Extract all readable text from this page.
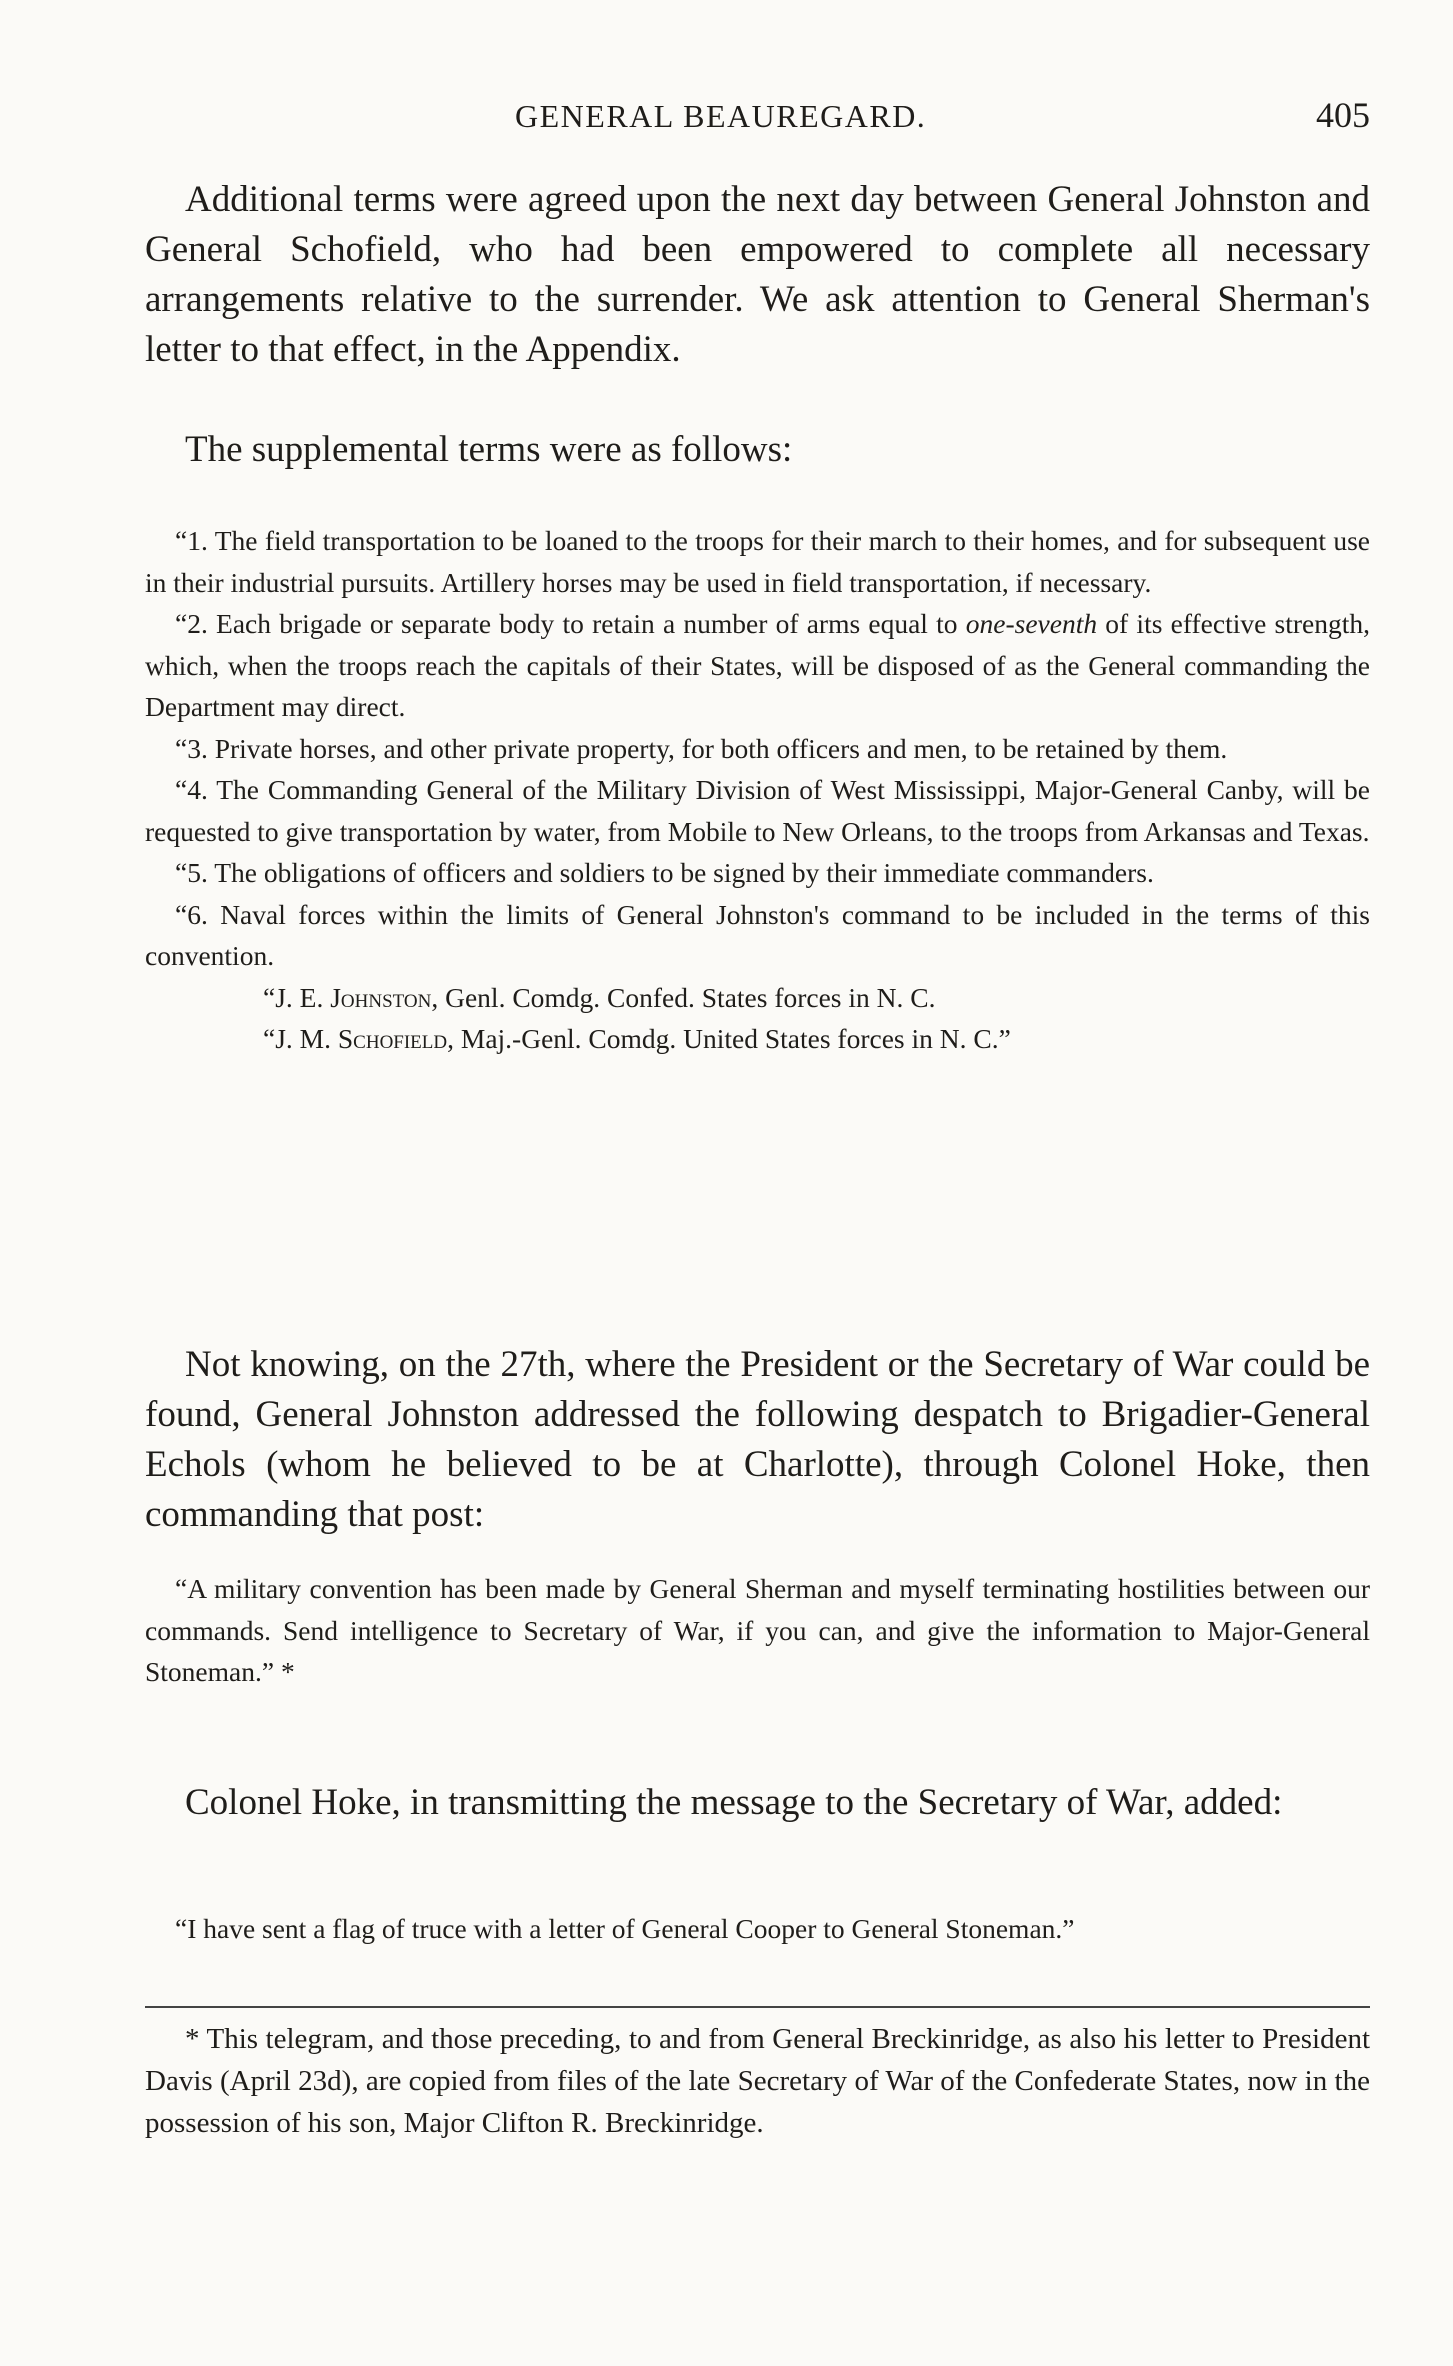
GENERAL BEAUREGARD.	405

Additional terms were agreed upon the next day between General Johnston and General Schofield, who had been empowered to complete all necessary arrangements relative to the surrender. We ask attention to General Sherman's letter to that effect, in the Appendix.

The supplemental terms were as follows:

“1. The field transportation to be loaned to the troops for their march to their homes, and for subsequent use in their industrial pursuits. Artillery horses may be used in field transportation, if necessary.

“2. Each brigade or separate body to retain a number of arms equal to one-seventh of its effective strength, which, when the troops reach the capitals of their States, will be disposed of as the General commanding the Department may direct.

“3. Private horses, and other private property, for both officers and men, to be retained by them.

“4. The Commanding General of the Military Division of West Mississippi, Major-General Canby, will be requested to give transportation by water, from Mobile to New Orleans, to the troops from Arkansas and Texas.

“5. The obligations of officers and soldiers to be signed by their immediate commanders.

“6. Naval forces within the limits of General Johnston's command to be included in the terms of this convention.

“J. E. Johnston, Genl. Comdg. Confed. States forces in N. C.

“J. M. Schofield, Maj.-Genl. Comdg. United States forces in N. C.”

Not knowing, on the 27th, where the President or the Secretary of War could be found, General Johnston addressed the following despatch to Brigadier-General Echols (whom he believed to be at Charlotte), through Colonel Hoke, then commanding that post:

“A military convention has been made by General Sherman and myself terminating hostilities between our commands. Send intelligence to Secretary of War, if you can, and give the information to Major-General Stoneman.” *

Colonel Hoke, in transmitting the message to the Secretary of War, added:

“I have sent a flag of truce with a letter of General Cooper to General Stoneman.”

* This telegram, and those preceding, to and from General Breckinridge, as also his letter to President Davis (April 23d), are copied from files of the late Secretary of War of the Confederate States, now in the possession of his son, Major Clifton R. Breckinridge.
